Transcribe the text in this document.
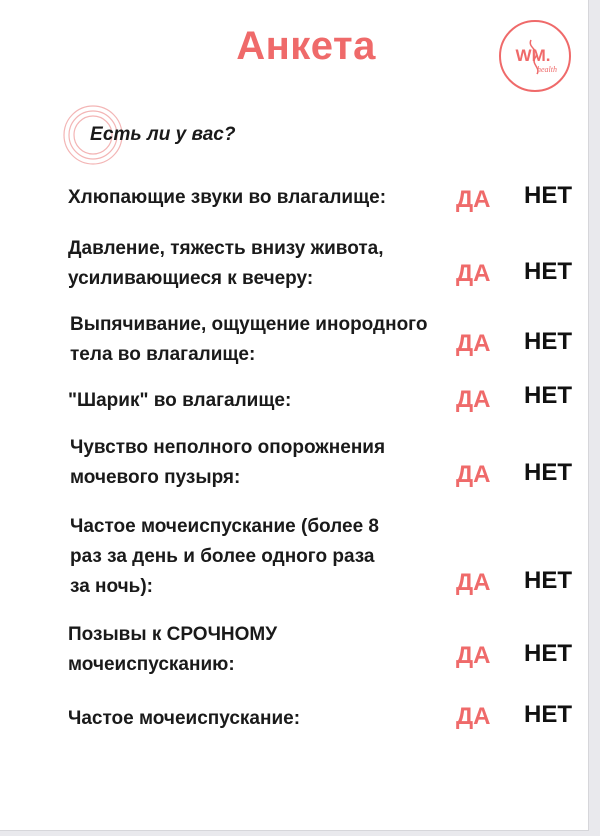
Анкета	WM.
health
Есть ли у вас?
Хлюпающие звуки во влагалище:	ДА НЕТ
Давление, тяжесть внизу живота,
усиливающиеся к вечеру:	ДА НЕТ
Выпячивание, ощущение инородного
тела во влагалище:	ДА НЕТ
"Шарик" во влагалище:	ДА НЕТ
Чувство неполного опорожнения
мочевого пузыря:	ДА НЕТ
Частое мочеиспускание (более 8
раз за день и более одного раза
за ночь):	ДА НЕТ
Позывы к СРОЧНОМУ
мочеиспусканию:	ДА НЕТ
Частое мочеиспускание:	ДА НЕТ
